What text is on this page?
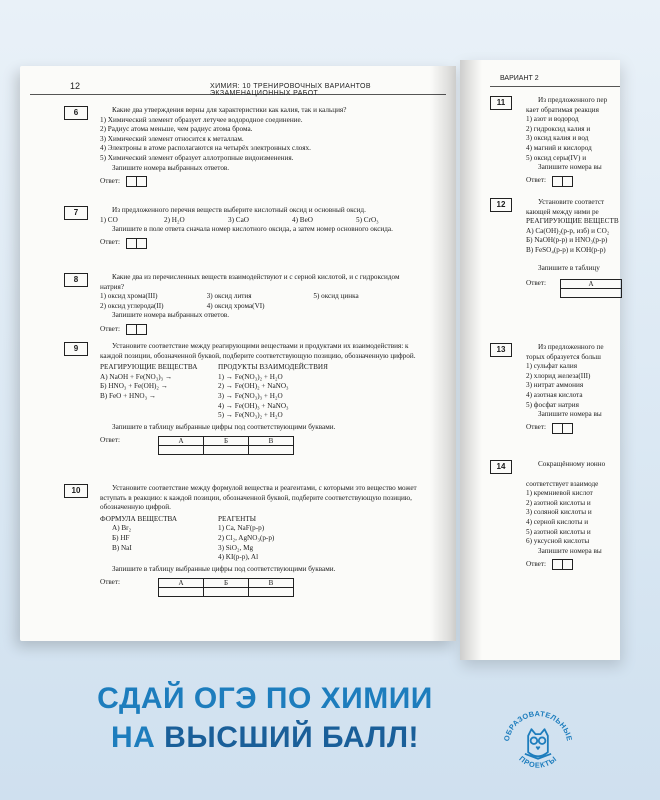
12	ХИМИЯ: 10 ТРЕНИРОВОЧНЫХ ВАРИАНТОВ ЭКЗАМЕНАЦИОННЫХ РАБОТ
6	Какие два утверждения верны для характеристики как калия, так и кальция?
1) Химический элемент образует летучее водородное соединение.
2) Радиус атома меньше, чем радиус атома брома.
3) Химический элемент относится к металлам.
4) Электроны в атоме располагаются на четырёх электронных слоях.
5) Химический элемент образует аллотропные видоизменения.
Запишите номера выбранных ответов.
Ответ:
7	Из предложенного перечня веществ выберите кислотный оксид и основный оксид.
1) CO	2) H₂O	3) CaO	4) BeO	5) CrO₃
Запишите в поле ответа сначала номер кислотного оксида, а затем номер основного оксида.
Ответ:
8	Какие два из перечисленных веществ взаимодействуют и с серной кислотой, и с гидроксидом натрия?
1) оксид хрома(III)	3) оксид лития	5) оксид цинка
2) оксид углерода(II)	4) оксид хрома(VI)
Запишите номера выбранных ответов.
Ответ:
9	Установите соответствие между реагирующими веществами и продуктами их взаимодействия: к каждой позиции, обозначенной буквой, подберите соответствующую позицию, обозначенную цифрой.
РЕАГИРУЮЩИЕ ВЕЩЕСТВА
А) NaOH + Fe(NO₃)₃ →
Б) HNO₃ + Fe(OH)₂ →
В) FeO + HNO₃ →
ПРОДУКТЫ ВЗАИМОДЕЙСТВИЯ
1) → Fe(NO₃)₂ + H₂O
2) → Fe(OH)₂ + NaNO₃
3) → Fe(NO₃)₃ + H₂O
4) → Fe(OH)₃ + NaNO₃
5) → Fe(NO₃)₂ + H₂O
Запишите в таблицу выбранные цифры под соответствующими буквами.
Ответ:	А	Б	В

10	Установите соответствие между формулой вещества и реагентами, с которыми это вещество может вступать в реакцию: к каждой позиции, обозначенной буквой, подберите соответствующую позицию, обозначенную цифрой.
ФОРМУЛА ВЕЩЕСТВА
А) Br₂
Б) HF
В) NaI
РЕАГЕНТЫ
1) Ca, NaF(р-р)
2) Cl₂, AgNO₃(р-р)
3) SiO₂, Mg
4) KI(р-р), Al
Запишите в таблицу выбранные цифры под соответствующими буквами.
Ответ:	А	Б	В

ВАРИАНТ 2
11	Из предложенного пер
кает обратимая реакция
1) азот и водород
2) гидроксид калия и
3) оксид калия и вод
4) магний и кислород
5) оксид серы(IV) и
Запишите номера вы
Ответ:
12	Установите соответст
кающей между ними ре
РЕАГИРУЮЩИЕ ВЕЩЕСТВ
А) Ca(OH)₂(р-р, изб) и CO₂
Б) NaOH(р-р) и HNO₃(р-р)
В) FeSO₄(р-р) и KOH(р-р)
Запишите в таблицу
Ответ:	А

13	Из предложенного пе
торых образуется больш
1) сульфат калия
2) хлорид железа(III)
3) нитрат аммония
4) азотная кислота
5) фосфат натрия
Запишите номера вы
Ответ:
14	Сокращённому ионно
соответствует взаимоде
1) кремниевой кислот
2) азотной кислоты и
3) соляной кислоты и
4) серной кислоты и
5) азотной кислоты и
6) уксусной кислоты
Запишите номера вы
Ответ:
СДАЙ ОГЭ ПО ХИМИИ
НА ВЫСШИЙ БАЛЛ!	ОБРАЗОВАТЕЛЬНЫЕ
ПРОЕКТЫ
